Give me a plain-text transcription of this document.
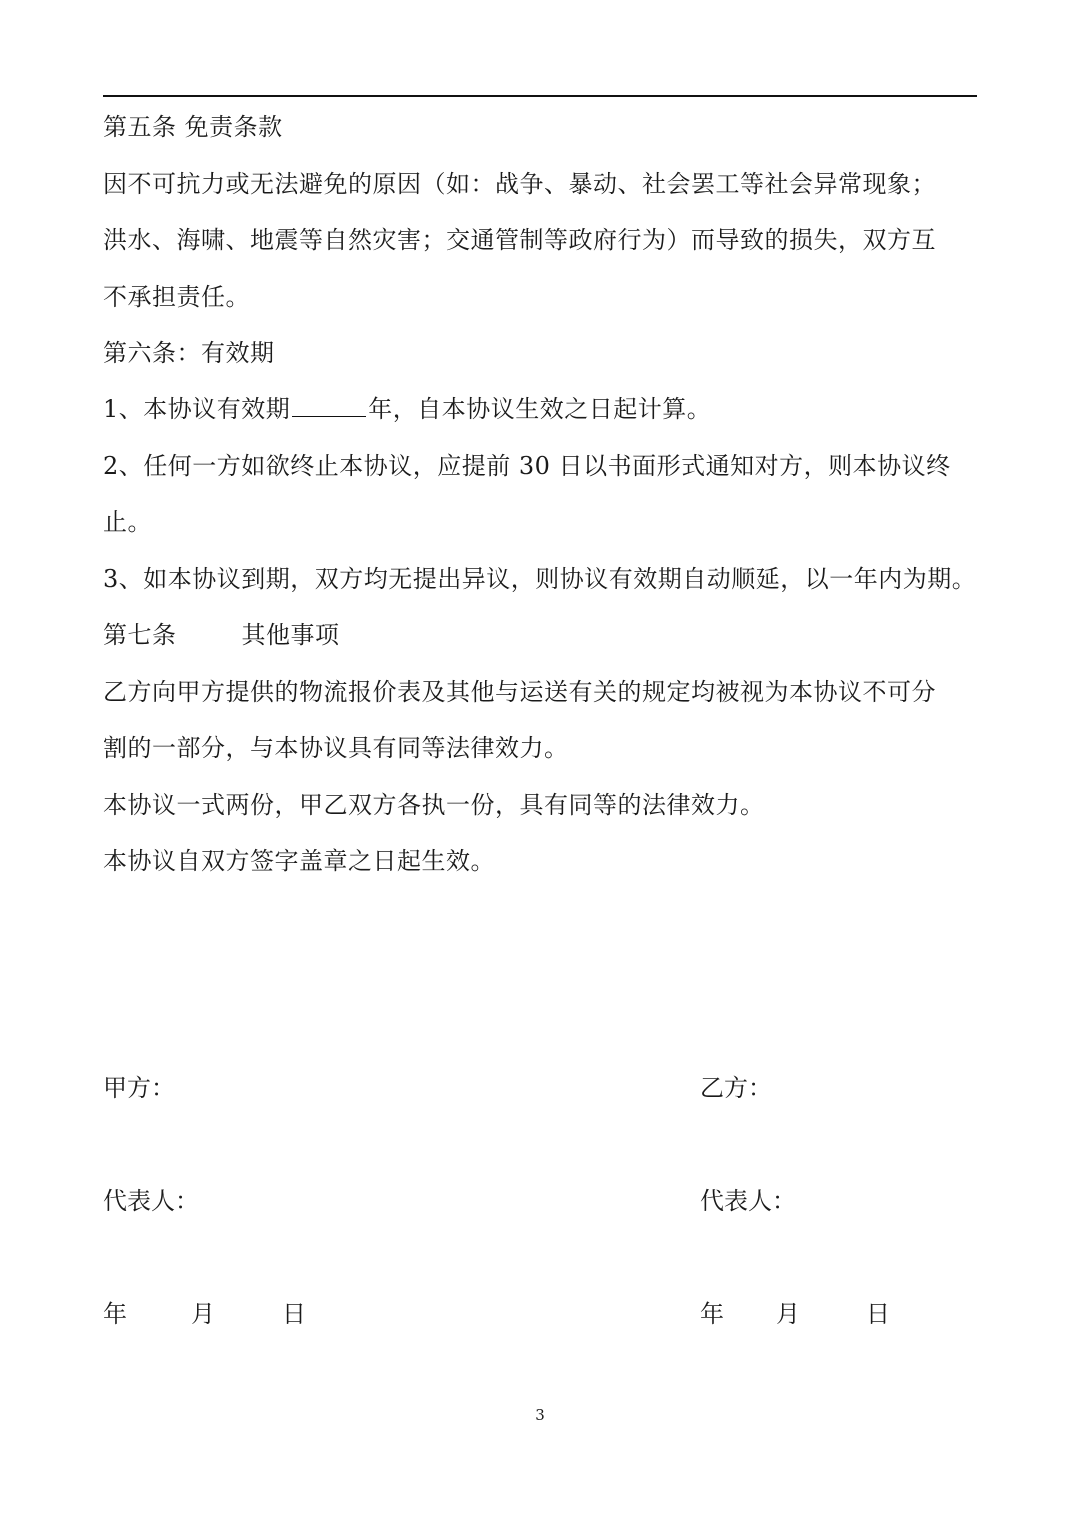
第五条 免责条款
因不可抗力或无法避免的原因（如：战争、暴动、社会罢工等社会异常现象；
洪水、海啸、地震等自然灾害；交通管制等政府行为）而导致的损失，双方互
不承担责任。
第六条：有效期
1、本协议有效期	年，自本协议生效之日起计算。
2、任何一方如欲终止本协议，应提前 30 日以书面形式通知对方，则本协议终
止。
3、如本协议到期，双方均无提出异议，则协议有效期自动顺延，以一年内为期。
第七条        其他事项
乙方向甲方提供的物流报价表及其他与运送有关的规定均被视为本协议不可分
割的一部分，与本协议具有同等法律效力。
本协议一式两份，甲乙双方各执一份，具有同等的法律效力。
本协议自双方签字盖章之日起生效。
甲方：	乙方：
代表人：	代表人：
年	月	日	年 月	日
3
